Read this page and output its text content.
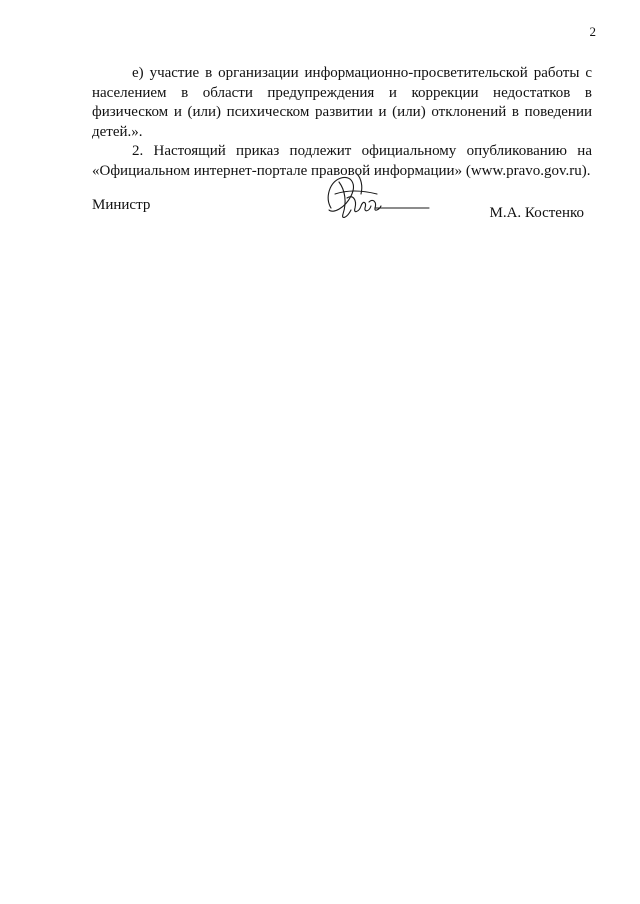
2

е) участие в организации информационно-просветительской работы с населением в области предупреждения и коррекции недостатков в физическом и (или) психическом развитии и (или) отклонений в поведении детей.».

2. Настоящий приказ подлежит официальному опубликованию на «Официальном интернет-портале правовой информации» (www.pravo.gov.ru).

Министр	М.А. Костенко
